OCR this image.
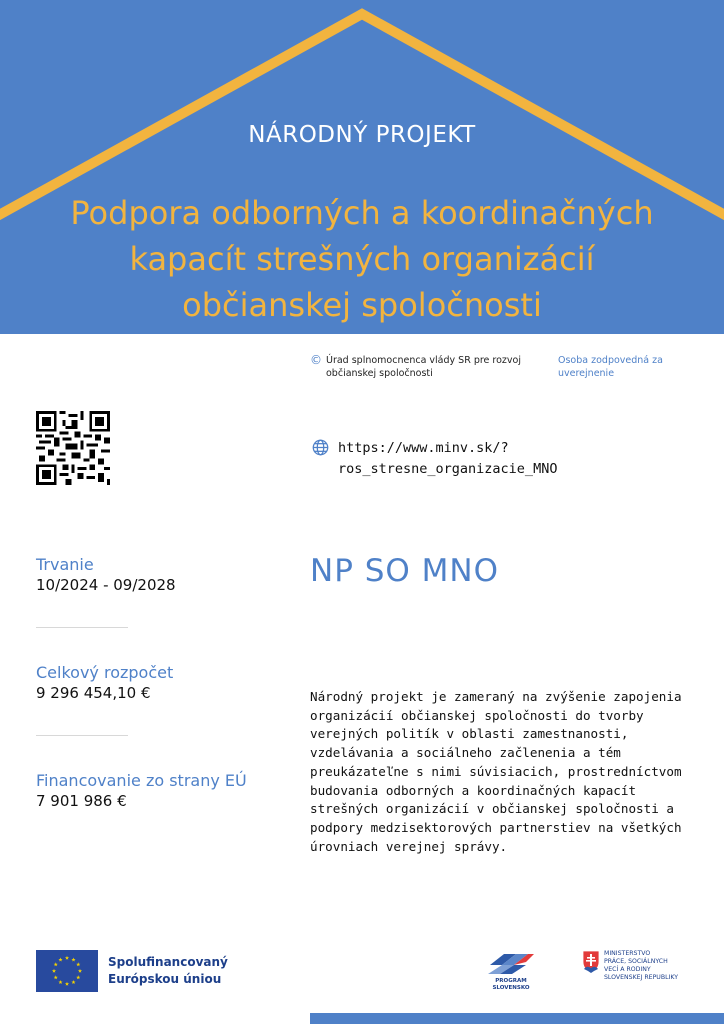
NÁRODNÝ PROJEKT
Podpora odborných a koordinačných
kapacít strešných organizácií
občianskej spoločnosti
© Úrad splnomocnenca vlády SR pre rozvoj občianskej spoločnosti
Osoba zodpovedná za uverejnenie
https://www.minv.sk/?
ros_stresne_organizacie_MNO
Trvanie
10/2024 - 09/2028
Celkový rozpočet
9 296 454,10 €
Financovanie zo strany EÚ
7 901 986 €
NP SO MNO
Národný projekt je zameraný na zvýšenie zapojenia
organizácií občianskej spoločnosti do tvorby
verejných politík v oblasti zamestnanosti,
vzdelávania a sociálneho začlenenia a tém
preukázateľne s nimi súvisiacich, prostredníctvom
budovania odborných a koordinačných kapacít
strešných organizácií v občianskej spoločnosti a
podpory medzisektorových partnerstiev na všetkých
úrovniach verejnej správy.
Spolufinancovaný
Európskou úniou	PROGRAM
SLOVENSKO
MINISTERSTVO
PRÁCE, SOCIÁLNYCH
VECÍ A RODINY
SLOVENSKEJ REPUBLIKY
